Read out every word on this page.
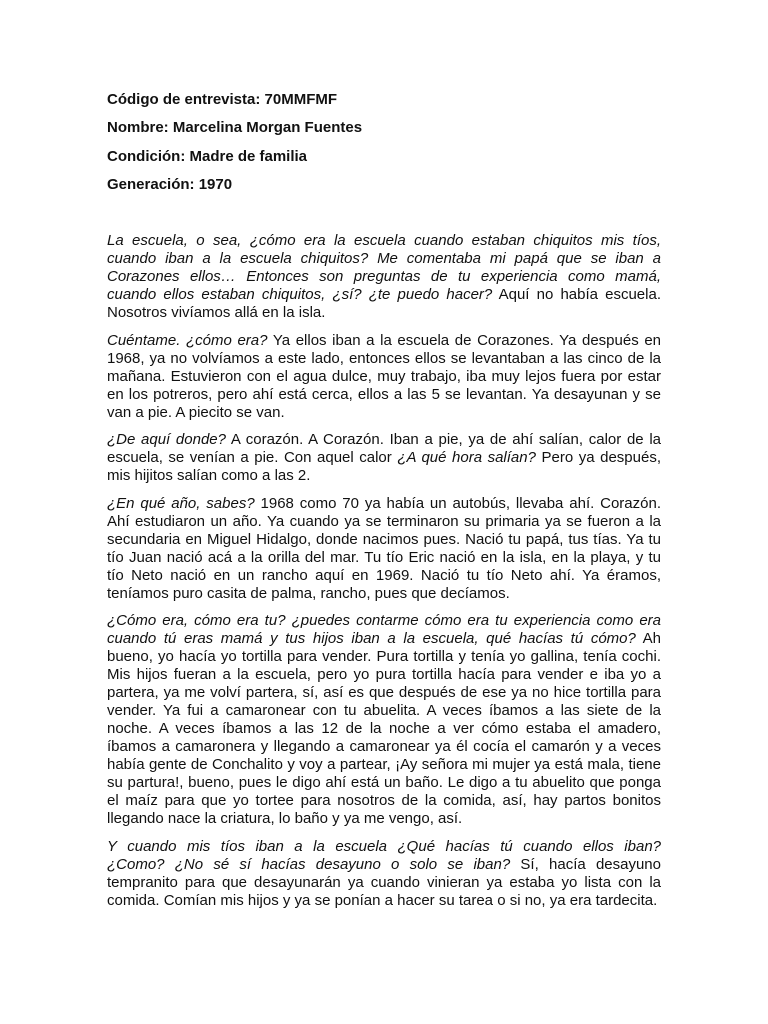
Código de entrevista: 70MMFMF

Nombre: Marcelina Morgan Fuentes

Condición: Madre de familia

Generación: 1970

La escuela, o sea, ¿cómo era la escuela cuando estaban chiquitos mis tíos,
cuando iban a la escuela chiquitos? Me comentaba mi papá que se iban a
Corazones ellos… Entonces son preguntas de tu experiencia como mamá,
cuando ellos estaban chiquitos, ¿sí? ¿te puedo hacer? Aquí no había escuela.
Nosotros vivíamos allá en la isla.
Cuéntame. ¿cómo era? Ya ellos iban a la escuela de Corazones. Ya después en
1968, ya no volvíamos a este lado, entonces ellos se levantaban a las cinco de la
mañana. Estuvieron con el agua dulce, muy trabajo, iba muy lejos fuera por estar
en los potreros, pero ahí está cerca, ellos a las 5 se levantan. Ya desayunan y se
van a pie. A piecito se van.
¿De aquí donde? A corazón. A Corazón. Iban a pie, ya de ahí salían, calor de la
escuela, se venían a pie. Con aquel calor ¿A qué hora salían? Pero ya después,
mis hijitos salían como a las 2.
¿En qué año, sabes? 1968 como 70 ya había un autobús, llevaba ahí. Corazón.
Ahí estudiaron un año. Ya cuando ya se terminaron su primaria ya se fueron a la
secundaria en Miguel Hidalgo, donde nacimos pues. Nació tu papá, tus tías. Ya tu
tío Juan nació acá a la orilla del mar. Tu tío Eric nació en la isla, en la playa, y tu
tío Neto nació en un rancho aquí en 1969. Nació tu tío Neto ahí. Ya éramos,
teníamos puro casita de palma, rancho, pues que decíamos.
¿Cómo era, cómo era tu? ¿puedes contarme cómo era tu experiencia como era
cuando tú eras mamá y tus hijos iban a la escuela, qué hacías tú cómo? Ah
bueno, yo hacía yo tortilla para vender. Pura tortilla y tenía yo gallina, tenía cochi.
Mis hijos fueran a la escuela, pero yo pura tortilla hacía para vender e iba yo a
partera, ya me volví partera, sí, así es que después de ese ya no hice tortilla para
vender. Ya fui a camaronear con tu abuelita. A veces íbamos a las siete de la
noche. A veces íbamos a las 12 de la noche a ver cómo estaba el amadero,
íbamos a camaronera y llegando a camaronear ya él cocía el camarón y a veces
había gente de Conchalito y voy a partear, ¡Ay señora mi mujer ya está mala, tiene
su partura!, bueno, pues le digo ahí está un baño. Le digo a tu abuelito que ponga
el maíz para que yo tortee para nosotros de la comida, así, hay partos bonitos
llegando nace la criatura, lo baño y ya me vengo, así.
Y cuando mis tíos iban a la escuela ¿Qué hacías tú cuando ellos iban?
¿Como? ¿No sé sí hacías desayuno o solo se iban? Sí, hacía desayuno
tempranito para que desayunarán ya cuando vinieran ya estaba yo lista con la
comida. Comían mis hijos y ya se ponían a hacer su tarea o si no, ya era tardecita.
